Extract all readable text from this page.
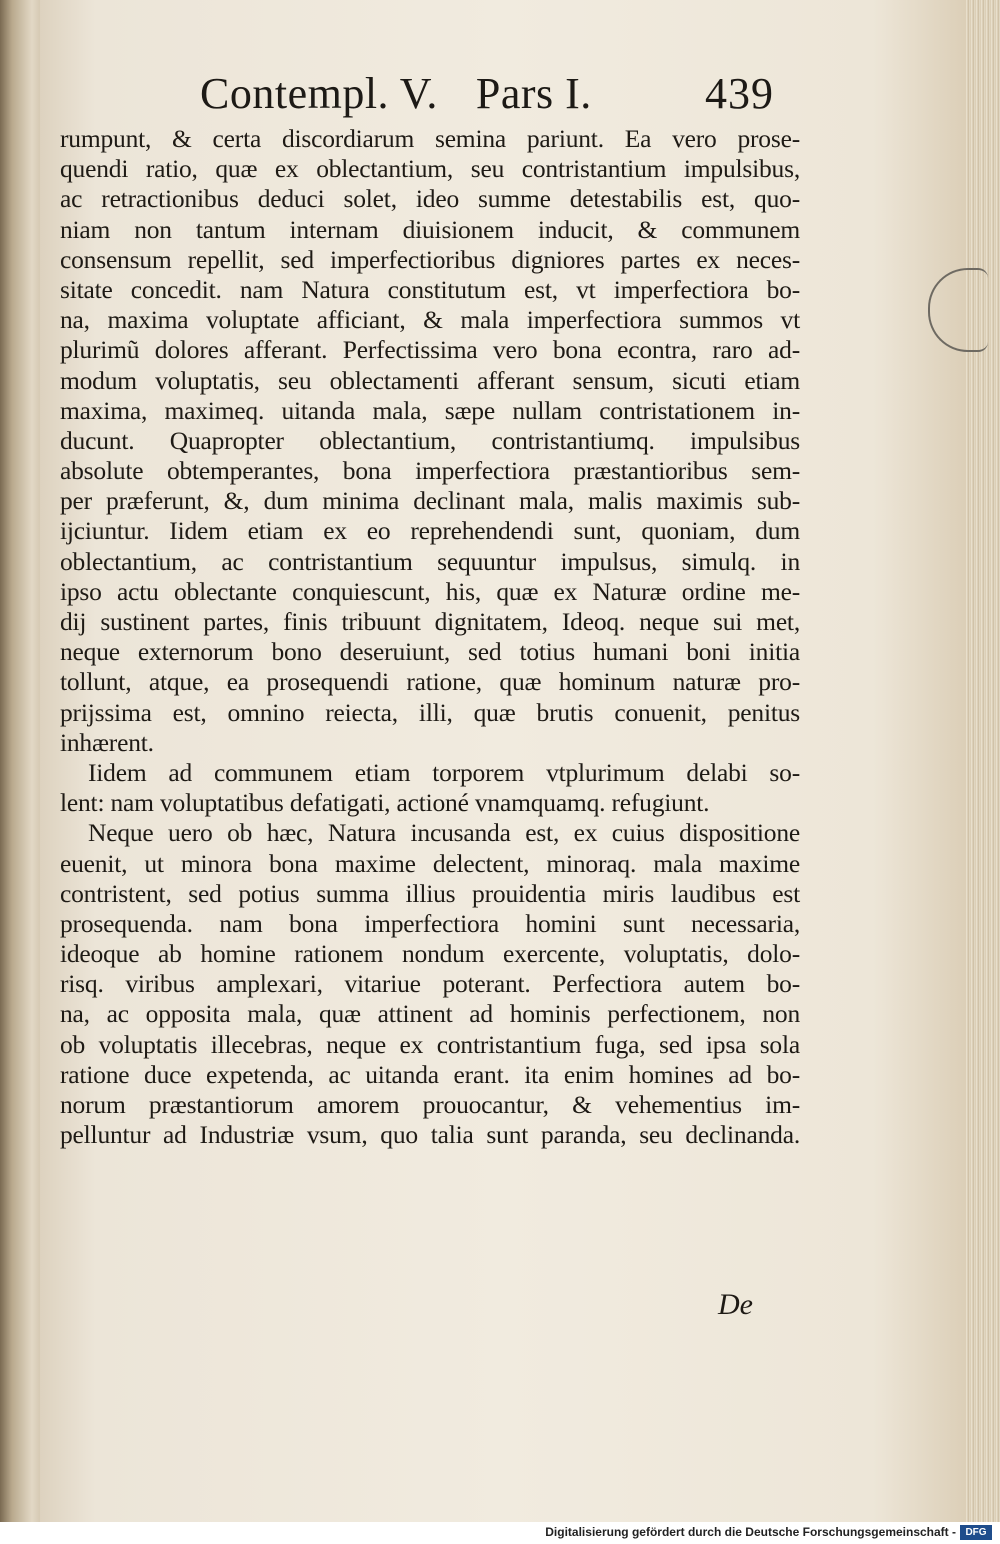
Contempl. V. Pars I.	439
rumpunt, & certa discordiarum semina pariunt. Ea vero prose-
quendi ratio, quæ ex oblectantium, seu contristantium impulsibus,
ac retractionibus deduci solet, ideo summe detestabilis est, quo-
niam non tantum internam diuisionem inducit, & communem
consensum repellit, sed imperfectioribus digniores partes ex neces-
sitate concedit. nam Natura constitutum est, vt imperfectiora bo-
na, maxima voluptate afficiant, & mala imperfectiora summos vt
plurimũ dolores afferant. Perfectissima vero bona econtra, raro ad-
modum voluptatis, seu oblectamenti afferant sensum, sicuti etiam
maxima, maximeq. uitanda mala, sæpe nullam contristationem in-
ducunt. Quapropter oblectantium, contristantiumq. impulsibus
absolute obtemperantes, bona imperfectiora præstantioribus sem-
per præferunt, &, dum minima declinant mala, malis maximis sub-
ijciuntur. Iidem etiam ex eo reprehendendi sunt, quoniam, dum
oblectantium, ac contristantium sequuntur impulsus, simulq. in
ipso actu oblectante conquiescunt, his, quæ ex Naturæ ordine me-
dij sustinent partes, finis tribuunt dignitatem, Ideoq. neque sui met,
neque externorum bono deseruiunt, sed totius humani boni initia
tollunt, atque, ea prosequendi ratione, quæ hominum naturæ pro-
prijssima est, omnino reiecta, illi, quæ brutis conuenit, penitus
inhærent.
Iidem ad communem etiam torporem vtplurimum delabi so-
lent: nam voluptatibus defatigati, actioné vnamquamq. refugiunt.
Neque uero ob hæc, Natura incusanda est, ex cuius dispositione
euenit, ut minora bona maxime delectent, minoraq. mala maxime
contristent, sed potius summa illius prouidentia miris laudibus est
prosequenda. nam bona imperfectiora homini sunt necessaria,
ideoque ab homine rationem nondum exercente, voluptatis, dolo-
risq. viribus amplexari, vitariue poterant. Perfectiora autem bo-
na, ac opposita mala, quæ attinent ad hominis perfectionem, non
ob voluptatis illecebras, neque ex contristantium fuga, sed ipsa sola
ratione duce expetenda, ac uitanda erant. ita enim homines ad bo-
norum præstantiorum amorem prouocantur, & vehementius im-
pelluntur ad Industriæ vsum, quo talia sunt paranda, seu declinanda.
De
Digitalisierung gefördert durch die Deutsche Forschungsgemeinschaft - DFG
